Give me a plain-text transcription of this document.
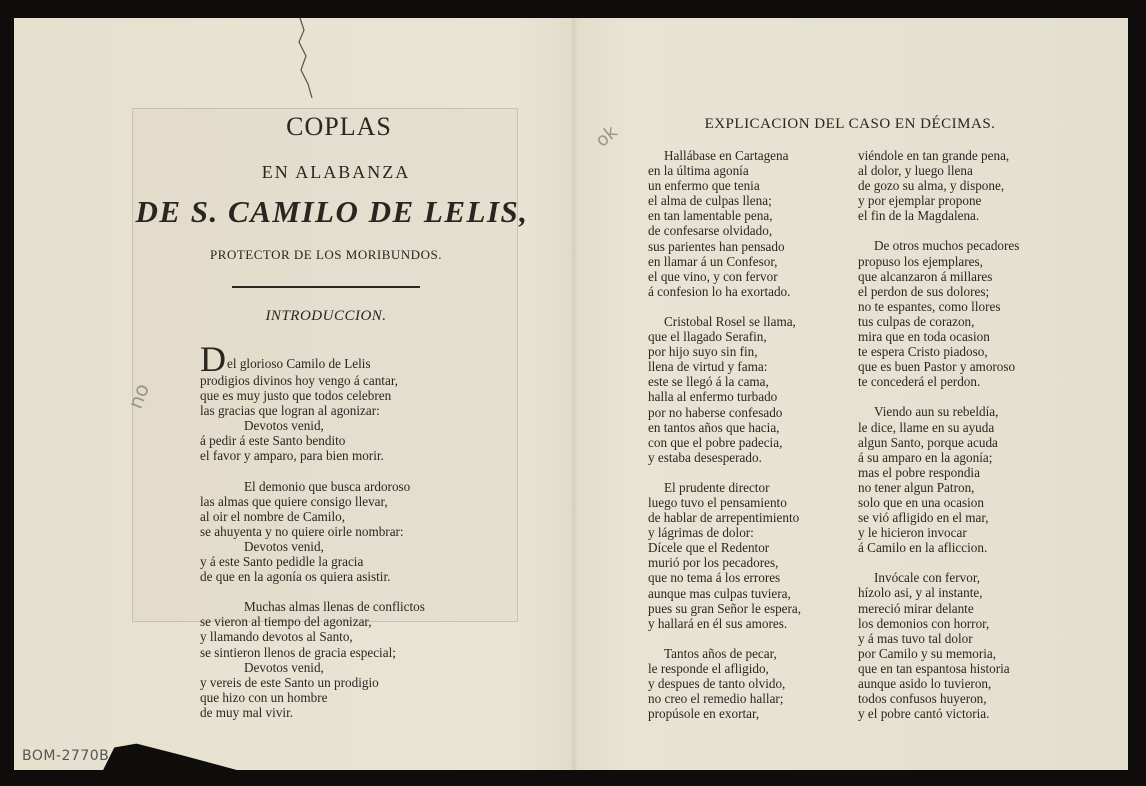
COPLAS
EN ALABANZA
DE S. CAMILO DE LELIS,
PROTECTOR DE LOS MORIBUNDOS.
INTRODUCCION.

D el glorioso Camilo de Lelis

prodigios divinos hoy vengo á cantar,

que es muy justo que todos celebren

las gracias que logran al agonizar:

Devotos venid,

á pedir á este Santo bendito

el favor y amparo, para bien morir.

El demonio que busca ardoroso

las almas que quiere consigo llevar,

al oir el nombre de Camilo,

se ahuyenta y no quiere oirle nombrar:

Devotos venid,

y á este Santo pedidle la gracia

de que en la agonía os quiera asistir.

Muchas almas llenas de conflictos

se vieron al tiempo del agonizar,

y llamando devotos al Santo,

se sintieron llenos de gracia especial;

Devotos venid,

y vereis de este Santo un prodigio

que hizo con un hombre

de muy mal vivir.

EXPLICACION DEL CASO EN DÉCIMAS.

Hallábase en Cartagena

en la última agonía

un enfermo que tenia

el alma de culpas llena;

en tan lamentable pena,

de confesarse olvidado,

sus parientes han pensado

en llamar á un Confesor,

el que vino, y con fervor

á confesion lo ha exortado.

Cristobal Rosel se llama,

que el llagado Serafin,

por hijo suyo sin fin,

llena de virtud y fama:

este se llegó á la cama,

halla al enfermo turbado

por no haberse confesado

en tantos años que hacia,

con que el pobre padecia,

y estaba desesperado.

El prudente director

luego tuvo el pensamiento

de hablar de arrepentimiento

y lágrimas de dolor:

Dícele que el Redentor

murió por los pecadores,

que no tema á los errores

aunque mas culpas tuviera,

pues su gran Señor le espera,

y hallará en él sus amores.

Tantos años de pecar,

le responde el afligido,

y despues de tanto olvido,

no creo el remedio hallar;

propúsole en exortar,

viéndole en tan grande pena,

al dolor, y luego llena

de gozo su alma, y dispone,

y por ejemplar propone

el fin de la Magdalena.

De otros muchos pecadores

propuso los ejemplares,

que alcanzaron á millares

el perdon de sus dolores;

no te espantes, como llores

tus culpas de corazon,

mira que en toda ocasion

te espera Cristo piadoso,

que es buen Pastor y amoroso

te concederá el perdon.

Viendo aun su rebeldía,

le dice, llame en su ayuda

algun Santo, porque acuda

á su amparo en la agonía;

mas el pobre respondia

no tener algun Patron,

solo que en una ocasion

se vió afligido en el mar,

y le hicieron invocar

á Camilo en la afliccion.

Invócale con fervor,

hízolo asi, y al instante,

mereció mirar delante

los demonios con horror,

y á mas tuvo tal dolor

por Camilo y su memoria,

que en tan espantosa historia

aunque asido lo tuvieron,

todos confusos huyeron,

y el pobre cantó victoria.

no
ok
BOM-2770B
